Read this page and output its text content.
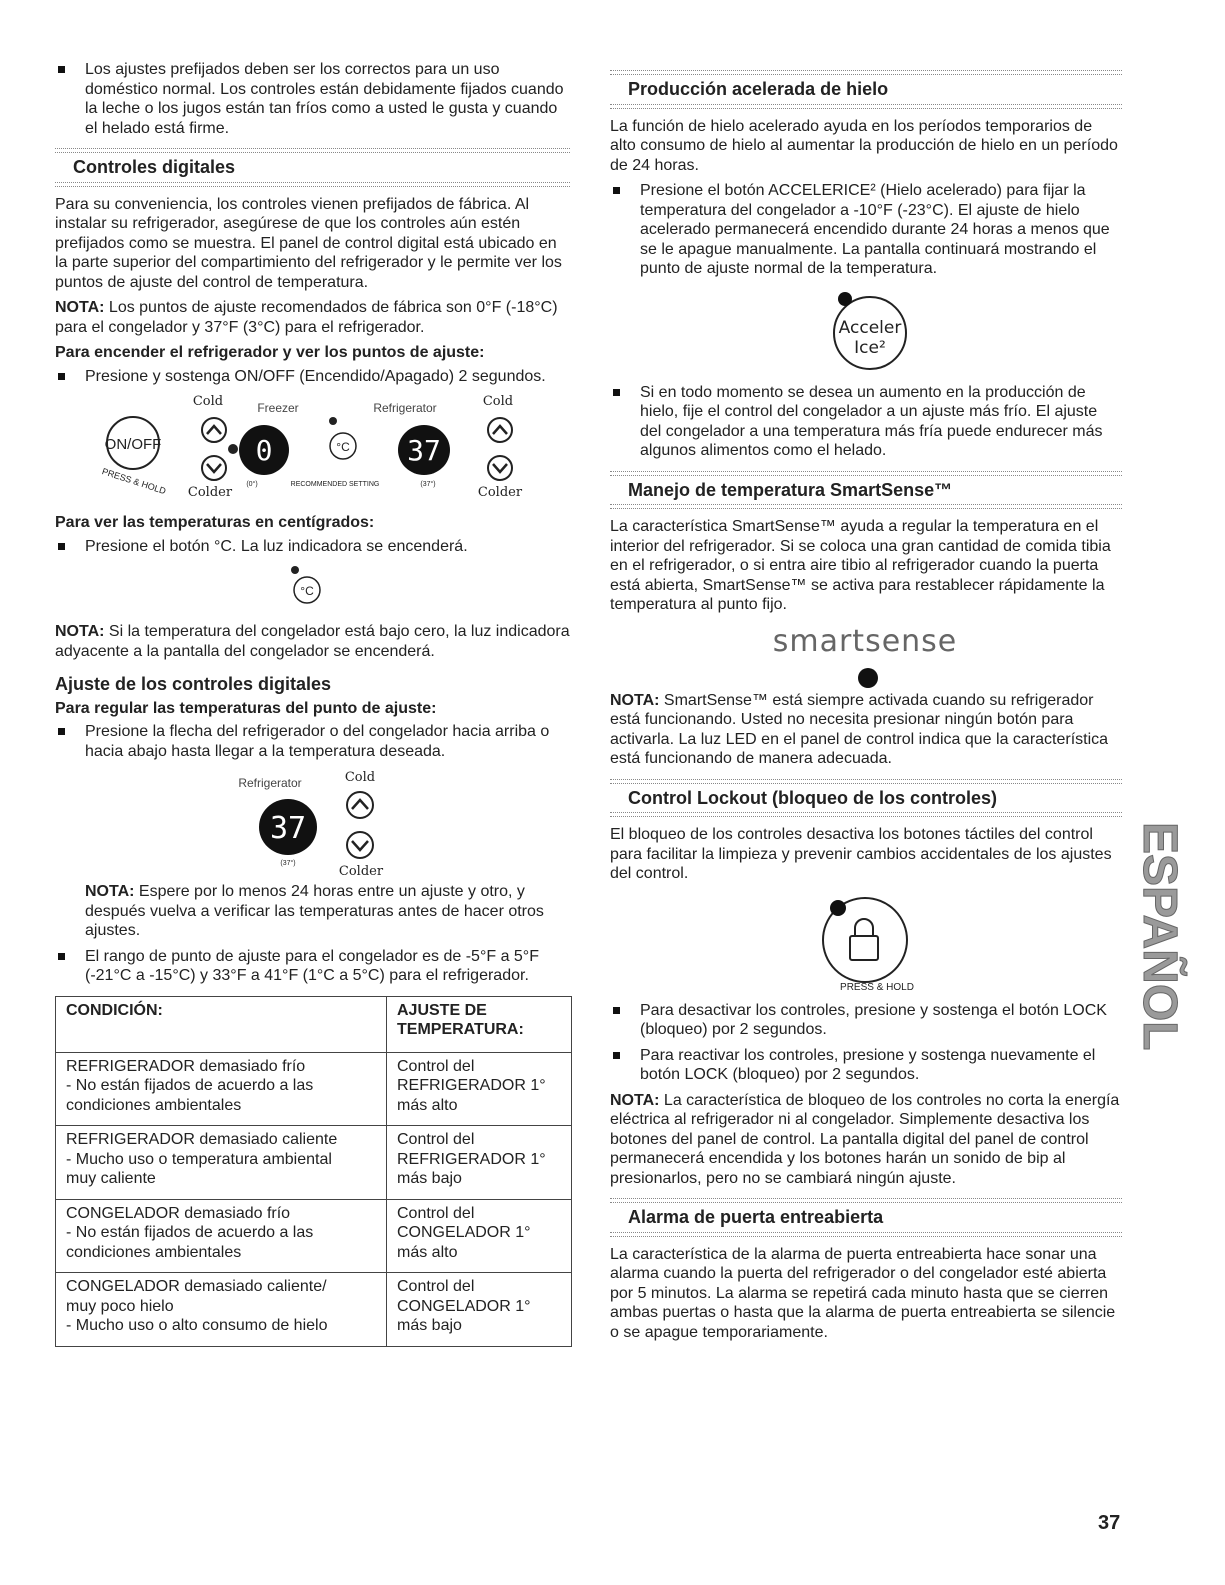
Los ajustes prefijados deben ser los correctos para un uso doméstico normal. Los controles están debidamente fijados cuando la leche o los jugos están tan fríos como a usted le gusta y cuando el helado está firme.
Controles digitales

Para su conveniencia, los controles vienen prefijados de fábrica. Al instalar su refrigerador, asegúrese de que los controles aún estén prefijados como se muestra. El panel de control digital está ubicado en la parte superior del compartimiento del refrigerador y le permite ver los puntos de ajuste del control de temperatura.

NOTA: Los puntos de ajuste recomendados de fábrica son 0°F (-18°C) para el congelador y 37°F (3°C) para el refrigerador.

Para encender el refrigerador y ver los puntos de ajuste:
Presione y sostenga ON/OFF (Encendido/Apagado) 2 segundos.
ON/OFF
PRESS & HOLD
Cold	Freezer
0	°C
Refrigerator
37
Cold
Colder
(0°)	RECOMMENDED SETTING	(37°)
Colder
Para ver las temperaturas en centígrados:
Presione el botón °C. La luz indicadora se encenderá.
°C

NOTA: Si la temperatura del congelador está bajo cero, la luz indicadora adyacente a la pantalla del congelador se encenderá.

Ajuste de los controles digitales
Para regular las temperaturas del punto de ajuste:
Presione la flecha del refrigerador o del congelador hacia arriba o hacia abajo hasta llegar a la temperatura deseada.
Refrigerator	Cold
37
(37°)
Colder

NOTA: Espere por lo menos 24 horas entre un ajuste y otro, y después vuelva a verificar las temperaturas antes de hacer otros ajustes.

El rango de punto de ajuste para el congelador es de -5°F a 5°F (-21°C a -15°C) y 33°F a 41°F (1°C a 5°C) para el refrigerador.
CONDICIÓN:	AJUSTE DE TEMPERATURA:

REFRIGERADOR demasiado frío
- No están fijados de acuerdo a las
condiciones ambientales	Control del
REFRIGERADOR 1°
más alto

REFRIGERADOR demasiado caliente
- Mucho uso o temperatura ambiental
muy caliente	Control del
REFRIGERADOR 1°
más bajo

CONGELADOR demasiado frío
- No están fijados de acuerdo a las
condiciones ambientales	Control del
CONGELADOR 1°
más alto

CONGELADOR demasiado caliente/
muy poco hielo
- Mucho uso o alto consumo de hielo	Control del
CONGELADOR 1°
más bajo
Producción acelerada de hielo

La función de hielo acelerado ayuda en los períodos temporarios de alto consumo de hielo al aumentar la producción de hielo en un período de 24 horas.

Presione el botón ACCELERICE² (Hielo acelerado) para fijar la temperatura del congelador a -10°F (-23°C). El ajuste de hielo acelerado permanecerá encendido durante 24 horas a menos que se le apague manualmente. La pantalla continuará mostrando el punto de ajuste normal de la temperatura.
Acceler
Ice²
Si en todo momento se desea un aumento en la producción de hielo, fije el control del congelador a un ajuste más frío. El ajuste del congelador a una temperatura más fría puede endurecer más algunos alimentos como el helado.
Manejo de temperatura SmartSense™

La característica SmartSense™ ayuda a regular la temperatura en el interior del refrigerador. Si se coloca una gran cantidad de comida tibia en el refrigerador, o si entra aire tibio al refrigerador cuando la puerta está abierta, SmartSense™ se activa para restablecer rápidamente la temperatura al punto fijo.

smartsense

NOTA: SmartSense™ está siempre activada cuando su refrigerador está funcionando. Usted no necesita presionar ningún botón para activarla. La luz LED en el panel de control indica que la característica está funcionando de manera adecuada.

Control Lockout (bloqueo de los controles)

El bloqueo de los controles desactiva los botones táctiles del control para facilitar la limpieza y prevenir cambios accidentales de los ajustes del control.

PRESS & HOLD
Para desactivar los controles, presione y sostenga el botón LOCK (bloqueo) por 2 segundos.
Para reactivar los controles, presione y sostenga nuevamente el botón LOCK (bloqueo) por 2 segundos.

NOTA: La característica de bloqueo de los controles no corta la energía eléctrica al refrigerador ni al congelador. Simplemente desactiva los botones del panel de control. La pantalla digital del panel de control permanecerá encendida y los botones harán un sonido de bip al presionarlos, pero no se cambiará ningún ajuste.

Alarma de puerta entreabierta

La característica de la alarma de puerta entreabierta hace sonar una alarma cuando la puerta del refrigerador o del congelador esté abierta por 5 minutos. La alarma se repetirá cada minuto hasta que se cierren ambas puertas o hasta que la alarma de puerta entreabierta se silencie o se apague temporariamente.

ESPAÑOL
37
